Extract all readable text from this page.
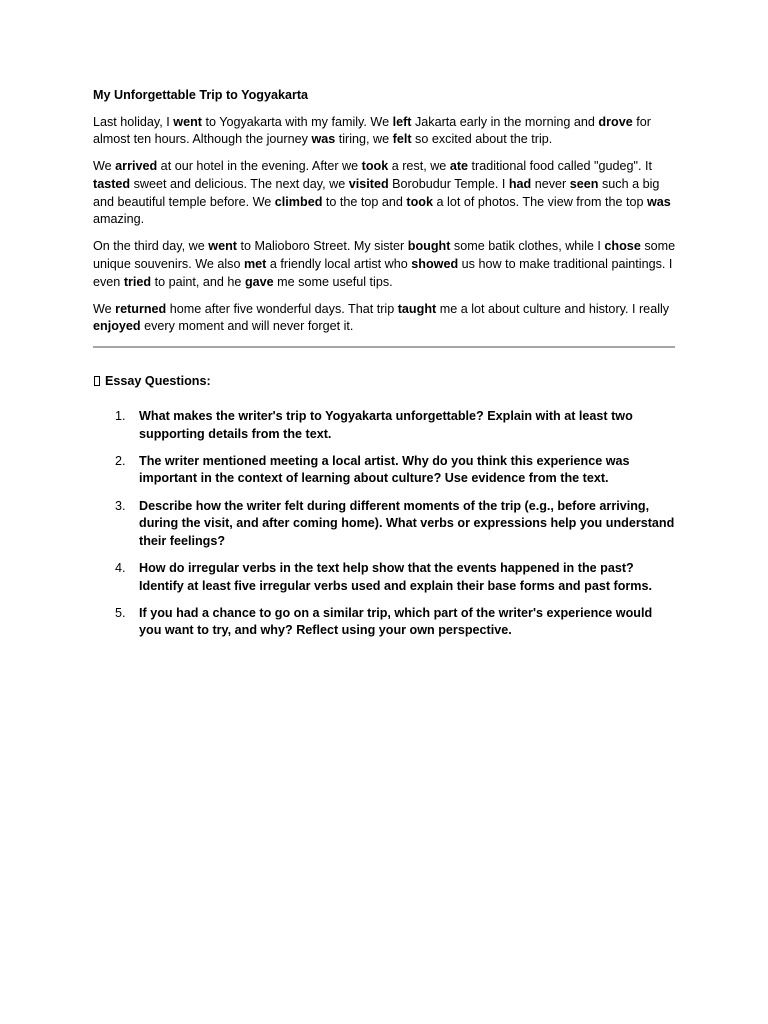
My Unforgettable Trip to Yogyakarta

Last holiday, I went to Yogyakarta with my family. We left Jakarta early in the morning and drove for almost ten hours. Although the journey was tiring, we felt so excited about the trip.

We arrived at our hotel in the evening. After we took a rest, we ate traditional food called "gudeg". It tasted sweet and delicious. The next day, we visited Borobudur Temple. I had never seen such a big and beautiful temple before. We climbed to the top and took a lot of photos. The view from the top was amazing.

On the third day, we went to Malioboro Street. My sister bought some batik clothes, while I chose some unique souvenirs. We also met a friendly local artist who showed us how to make traditional paintings. I even tried to paint, and he gave me some useful tips.

We returned home after five wonderful days. That trip taught me a lot about culture and history. I really enjoyed every moment and will never forget it.

Essay Questions:
1.	What makes the writer's trip to Yogyakarta unforgettable? Explain with at least two supporting details from the text.
2.	The writer mentioned meeting a local artist. Why do you think this experience was important in the context of learning about culture? Use evidence from the text.
3.	Describe how the writer felt during different moments of the trip (e.g., before arriving, during the visit, and after coming home). What verbs or expressions help you understand their feelings?
4.	How do irregular verbs in the text help show that the events happened in the past? Identify at least five irregular verbs used and explain their base forms and past forms.
5.	If you had a chance to go on a similar trip, which part of the writer's experience would you want to try, and why? Reflect using your own perspective.
